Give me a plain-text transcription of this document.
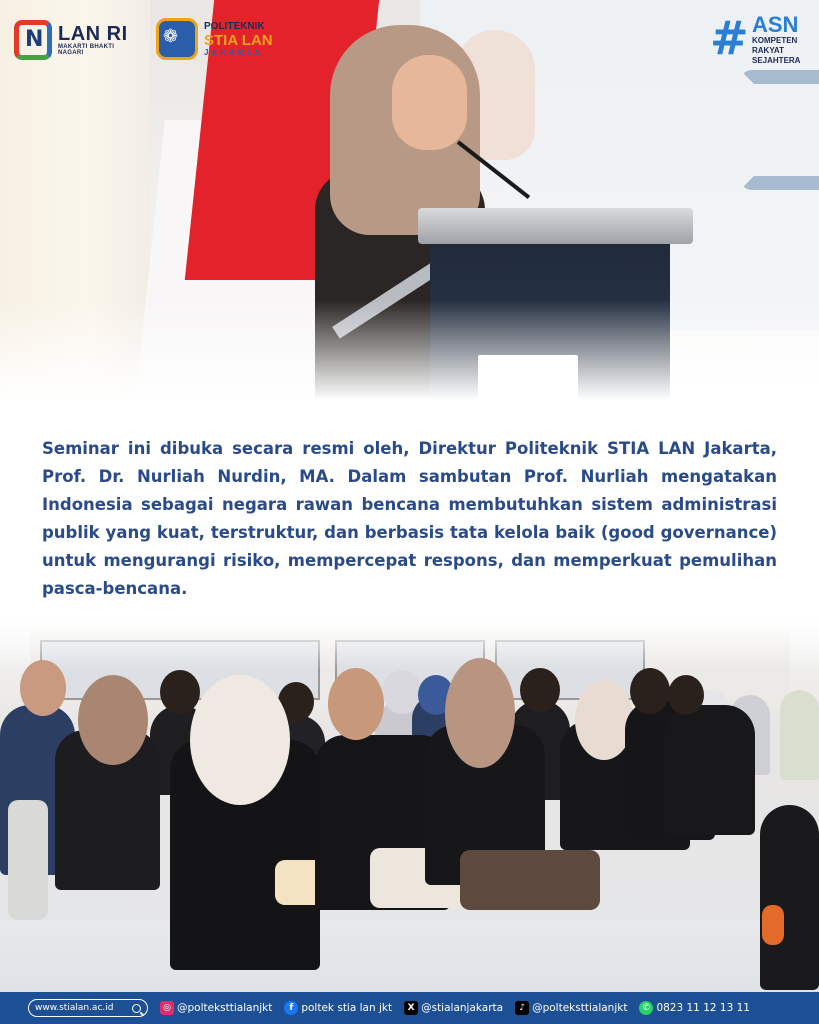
N LAN RI
MAKARTI BHAKTI NAGARI
❁	POLITEKNIK
STIA LAN
JAKARTA	# ASN
KOMPETEN
RAKYAT
SEJAHTERA

Seminar ini dibuka secara resmi oleh, Direktur Politeknik STIA LAN Jakarta, Prof. Dr. Nurliah Nurdin, MA. Dalam sambutan Prof. Nurliah mengatakan Indonesia sebagai negara rawan bencana membutuhkan sistem administrasi publik yang kuat, terstruktur, dan berbasis tata kelola baik (good governance) untuk mengurangi risiko, mempercepat respons, dan memperkuat pemulihan pasca-bencana.

www.stialan.ac.id	◎ @polteksttialanjkt	f poltek stia lan jkt	X @stialanjakarta	♪ @polteksttialanjkt	✆ 0823 11 12 13 11
